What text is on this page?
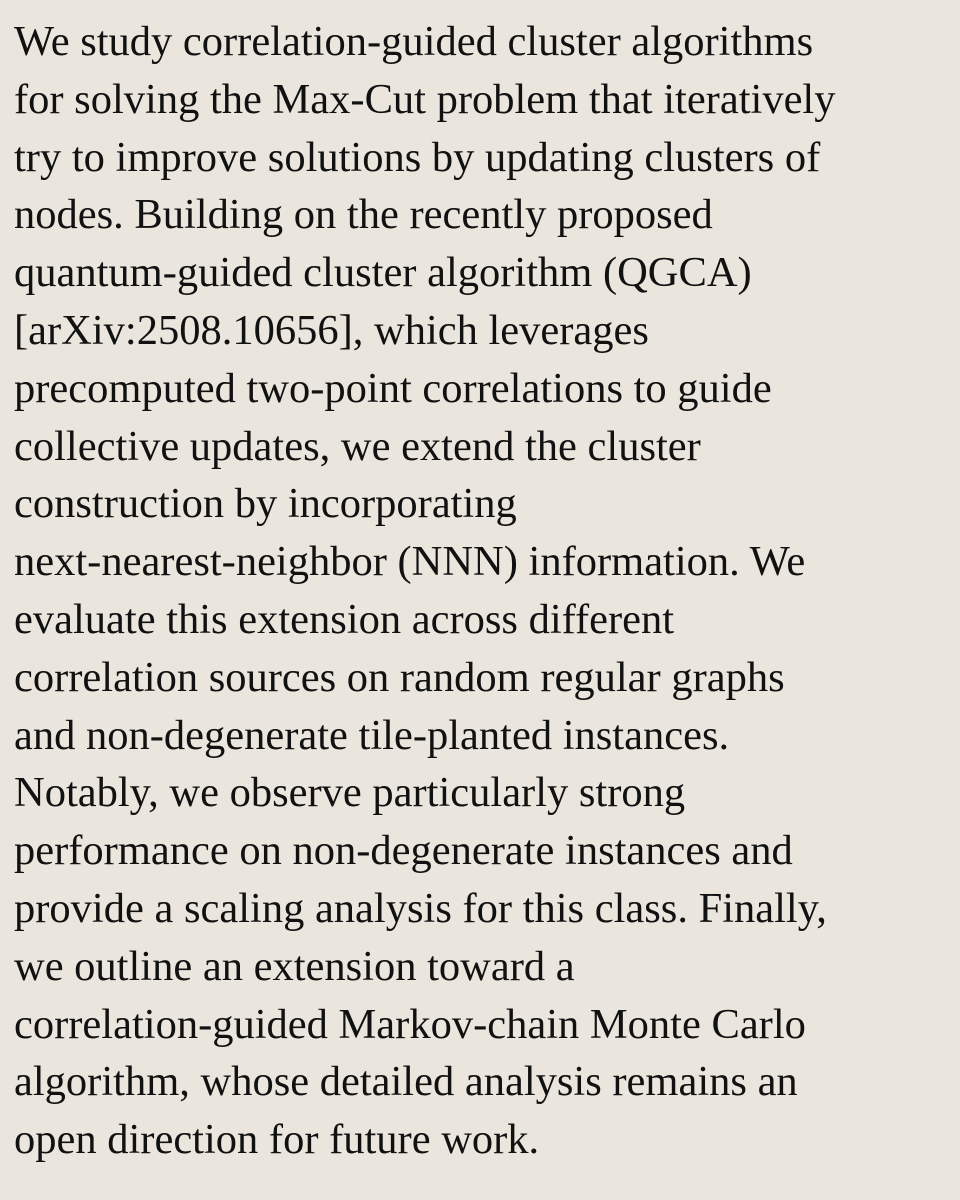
We study correlation-guided cluster algorithms
for solving the Max-Cut problem that iteratively
try to improve solutions by updating clusters of
nodes. Building on the recently proposed
quantum-guided cluster algorithm (QGCA)
[arXiv:2508.10656], which leverages
precomputed two-point correlations to guide
collective updates, we extend the cluster
construction by incorporating
next-nearest-neighbor (NNN) information. We
evaluate this extension across different
correlation sources on random regular graphs
and non-degenerate tile-planted instances.
Notably, we observe particularly strong
performance on non-degenerate instances and
provide a scaling analysis for this class. Finally,
we outline an extension toward a
correlation-guided Markov-chain Monte Carlo
algorithm, whose detailed analysis remains an
open direction for future work.
